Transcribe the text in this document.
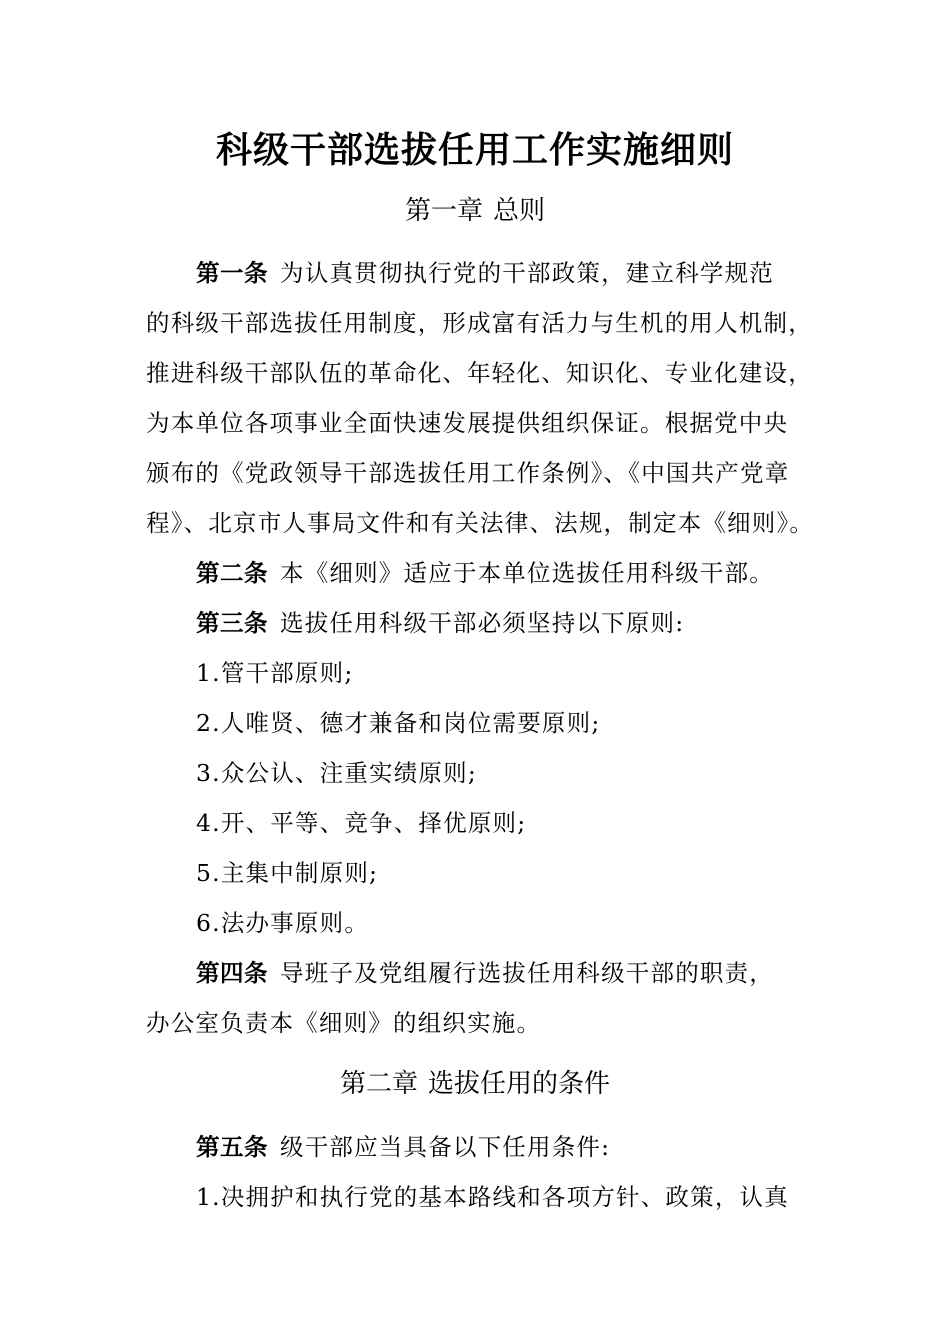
科级干部选拔任用工作实施细则
第一章 总则
第一条 为认真贯彻执行党的干部政策，建立科学规范
的科级干部选拔任用制度，形成富有活力与生机的用人机制，
推进科级干部队伍的革命化、年轻化、知识化、专业化建设，
为本单位各项事业全面快速发展提供组织保证。根据党中央
颁布的《党政领导干部选拔任用工作条例》、《中国共产党章
程》、北京市人事局文件和有关法律、法规，制定本《细则》。
第二条 本《细则》适应于本单位选拔任用科级干部。
第三条 选拔任用科级干部必须坚持以下原则:
1.管干部原则;
2.人唯贤、德才兼备和岗位需要原则;
3.众公认、注重实绩原则;
4.开、平等、竞争、择优原则;
5.主集中制原则;
6.法办事原则。
第四条 导班子及党组履行选拔任用科级干部的职责，
办公室负责本《细则》的组织实施。
第二章 选拔任用的条件
第五条 级干部应当具备以下任用条件:
1.决拥护和执行党的基本路线和各项方针、政策，认真
